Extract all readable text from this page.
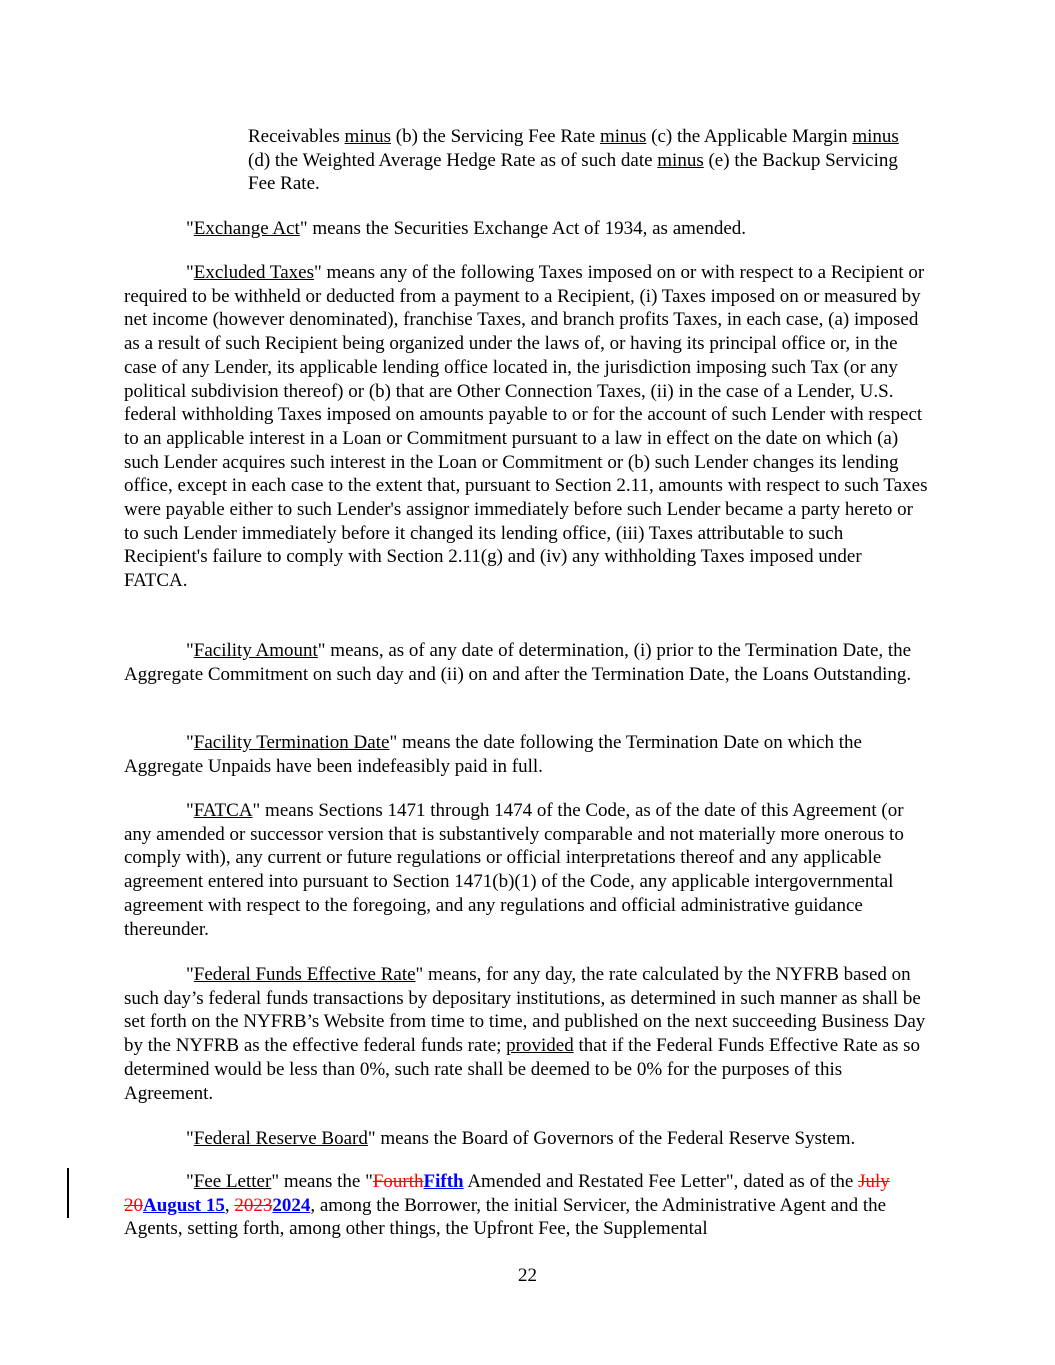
Receivables minus (b) the Servicing Fee Rate minus (c) the Applicable Margin minus (d) the Weighted Average Hedge Rate as of such date minus (e) the Backup Servicing Fee Rate.

"Exchange Act" means the Securities Exchange Act of 1934, as amended.

"Excluded Taxes" means any of the following Taxes imposed on or with respect to a Recipient or required to be withheld or deducted from a payment to a Recipient, (i) Taxes imposed on or measured by net income (however denominated), franchise Taxes, and branch profits Taxes, in each case, (a) imposed as a result of such Recipient being organized under the laws of, or having its principal office or, in the case of any Lender, its applicable lending office located in, the jurisdiction imposing such Tax (or any political subdivision thereof) or (b) that are Other Connection Taxes, (ii) in the case of a Lender, U.S. federal withholding Taxes imposed on amounts payable to or for the account of such Lender with respect to an applicable interest in a Loan or Commitment pursuant to a law in effect on the date on which (a) such Lender acquires such interest in the Loan or Commitment or (b) such Lender changes its lending office, except in each case to the extent that, pursuant to Section 2.11, amounts with respect to such Taxes were payable either to such Lender's assignor immediately before such Lender became a party hereto or to such Lender immediately before it changed its lending office, (iii) Taxes attributable to such Recipient's failure to comply with Section 2.11(g) and (iv) any withholding Taxes imposed under FATCA.

"Facility Amount" means, as of any date of determination, (i) prior to the Termination Date, the Aggregate Commitment on such day and (ii) on and after the Termination Date, the Loans Outstanding.

"Facility Termination Date" means the date following the Termination Date on which the Aggregate Unpaids have been indefeasibly paid in full.

"FATCA" means Sections 1471 through 1474 of the Code, as of the date of this Agreement (or any amended or successor version that is substantively comparable and not materially more onerous to comply with), any current or future regulations or official interpretations thereof and any applicable agreement entered into pursuant to Section 1471(b)(1) of the Code, any applicable intergovernmental agreement with respect to the foregoing, and any regulations and official administrative guidance thereunder.

"Federal Funds Effective Rate" means, for any day, the rate calculated by the NYFRB based on such day’s federal funds transactions by depositary institutions, as determined in such manner as shall be set forth on the NYFRB’s Website from time to time, and published on the next succeeding Business Day by the NYFRB as the effective federal funds rate; provided that if the Federal Funds Effective Rate as so determined would be less than 0%, such rate shall be deemed to be 0% for the purposes of this Agreement.

"Federal Reserve Board" means the Board of Governors of the Federal Reserve System.

"Fee Letter" means the "FourthFifth Amended and Restated Fee Letter", dated as of the July 20August 15, 20232024, among the Borrower, the initial Servicer, the Administrative Agent and the Agents, setting forth, among other things, the Upfront Fee, the Supplemental

22
